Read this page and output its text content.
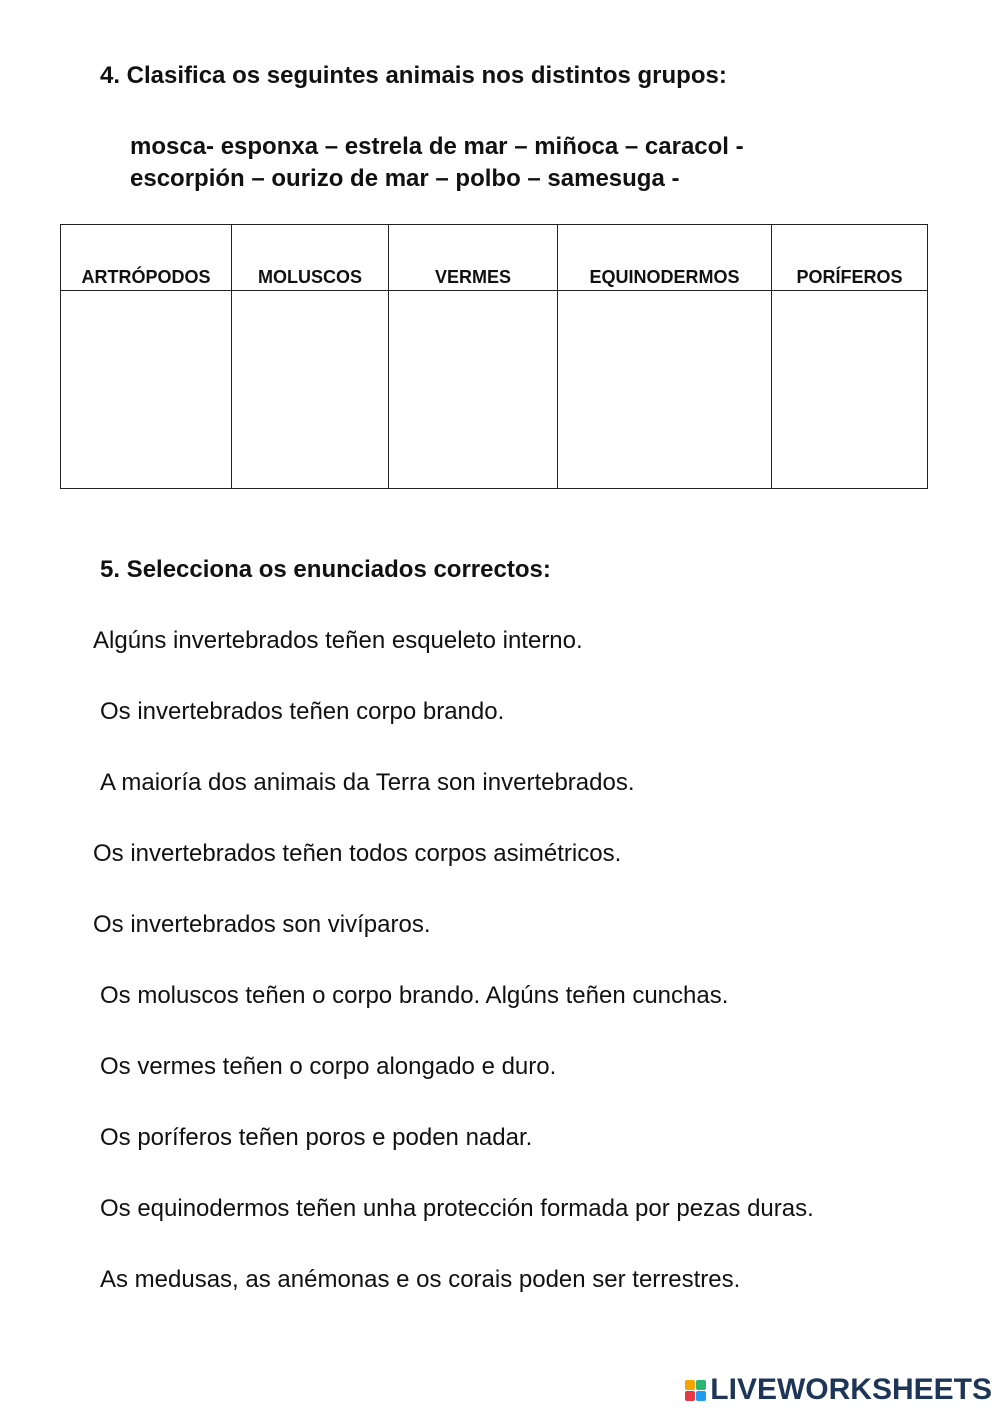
4. Clasifica os seguintes animais nos distintos grupos:
mosca- esponxa – estrela de mar – miñoca – caracol -
escorpión – ourizo de mar – polbo – samesuga -
ARTRÓPODOS	MOLUSCOS	VERMES	EQUINODERMOS	PORÍFEROS

5. Selecciona os enunciados correctos:

Algúns invertebrados teñen esqueleto interno.

Os invertebrados teñen corpo brando.

A maioría dos animais da Terra son invertebrados.

Os invertebrados teñen todos corpos asimétricos.

Os invertebrados son vivíparos.

Os moluscos teñen o corpo brando. Algúns teñen cunchas.

Os vermes teñen o corpo alongado e duro.

Os poríferos teñen poros e poden nadar.

Os equinodermos teñen unha protección formada por pezas duras.

As medusas, as anémonas e os corais poden ser terrestres.

LIVEWORKSHEETS
